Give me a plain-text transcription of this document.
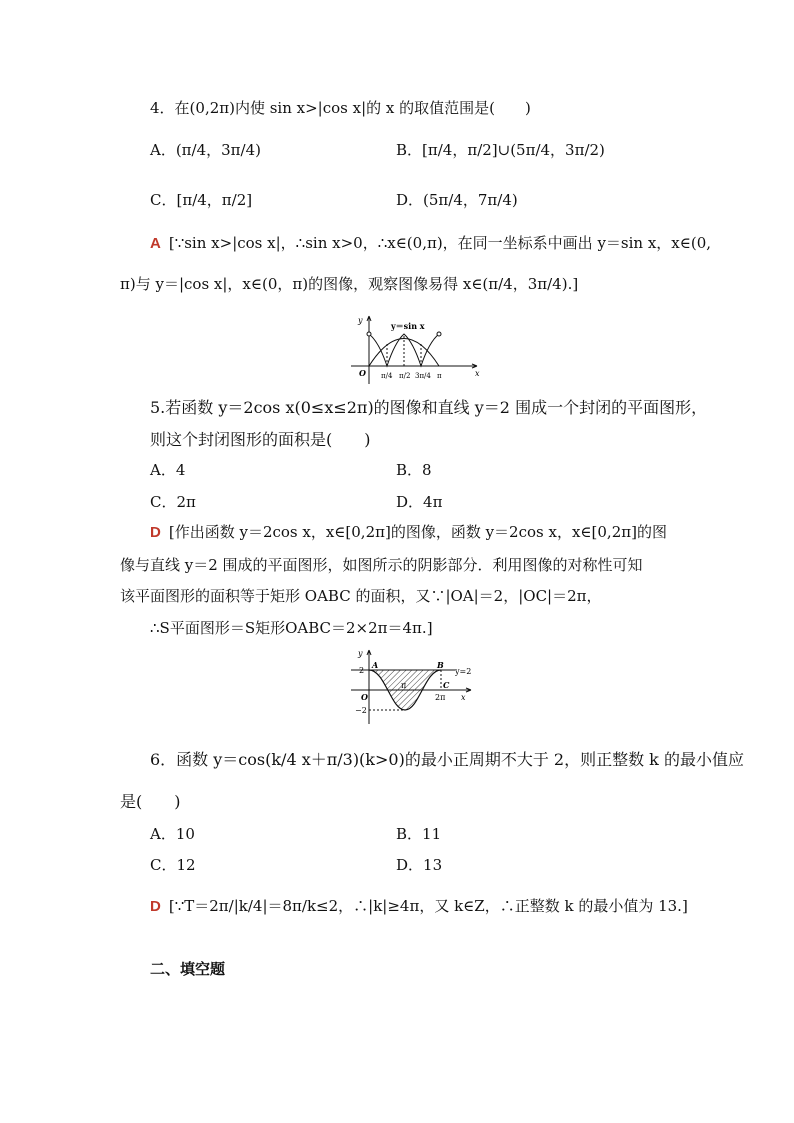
4．在(0,2π)内使 sin x>|cos x|的 x 的取值范围是(　　)
A．(π/4，3π/4)	B．[π/4，π/2]∪(5π/4，3π/2)
C．[π/4，π/2]	D．(5π/4，7π/4)
A [∵sin x>|cos x|，∴sin x>0，∴x∈(0,π)，在同一坐标系中画出 y＝sin x，x∈(0,
π)与 y＝|cos x|，x∈(0，π)的图像，观察图像易得 x∈(π/4，3π/4).]
y
x
O
y＝sin x
π/4 π/2 3π/4 π
5.若函数 y＝2cos x(0≤x≤2π)的图像和直线 y＝2 围成一个封闭的平面图形，
则这个封闭图形的面积是(　　)
A．4	B．8
C．2π	D．4π
D [作出函数 y＝2cos x，x∈[0,2π]的图像，函数 y＝2cos x，x∈[0,2π]的图
像与直线 y＝2 围成的平面图形，如图所示的阴影部分．利用图像的对称性可知
该平面图形的面积等于矩形 OABC 的面积，又∵|OA|＝2，|OC|＝2π，
∴S平面图形＝S矩形OABC＝2×2π＝4π.]
y
x
O
A	B
C
π
2π
2
−2
y=2
6．函数 y＝cos(k/4 x＋π/3)(k>0)的最小正周期不大于 2，则正整数 k 的最小值应
是(　　)
A．10	B．11
C．12	D．13
D [∵T＝2π/|k/4|＝8π/k≤2，∴|k|≥4π，又 k∈Z，∴正整数 k 的最小值为 13.]
二、填空题
